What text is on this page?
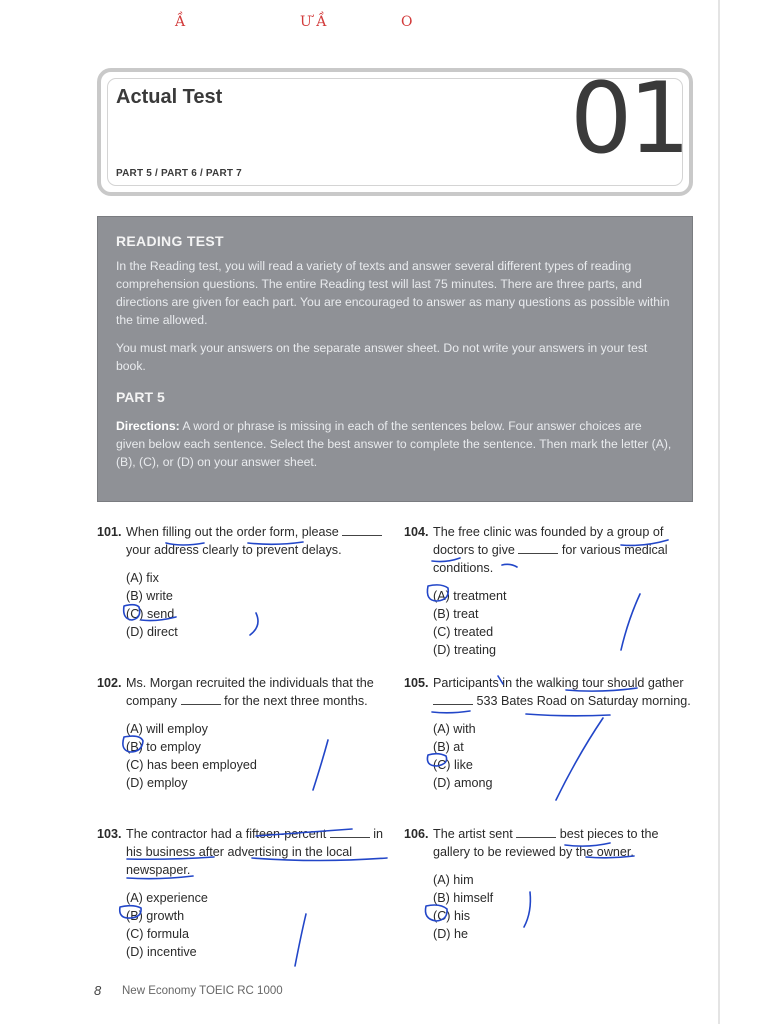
Ầ	Ư Ầ	O
Actual Test
PART 5 / PART 6 / PART 7	01
READING TEST

In the Reading test, you will read a variety of texts and answer several different types of reading comprehension questions. The entire Reading test will last 75 minutes. There are three parts, and directions are given for each part. You are encouraged to answer as many questions as possible within the time allowed.

You must mark your answers on the separate answer sheet. Do not write your answers in your test book.

PART 5

Directions: A word or phrase is missing in each of the sentences below. Four answer choices are given below each sentence. Select the best answer to complete the sentence. Then mark the letter (A), (B), (C), or (D) on your answer sheet.

101. When filling out the order form, please  your address clearly to prevent delays.
(A) fix
(B) write
(C) send
(D) direct
102. Ms. Morgan recruited the individuals that the company	for the next three months.
(A) will employ
(B) to employ
(C) has been employed
(D) employ
103. The contractor had a fifteen-percent	in his business after advertising in the local newspaper.
(A) experience
(B) growth
(C) formula
(D) incentive
104. The free clinic was founded by a group of doctors to give	for various medical conditions.
(A) treatment
(B) treat
(C) treated
(D) treating
105. Participants in the walking tour should gather  533 Bates Road on Saturday morning.
(A) with
(B) at
(C) like
(D) among
106. The artist sent	best pieces to the gallery to be reviewed by the owner.
(A) him
(B) himself
(C) his
(D) he
8 New Economy TOEIC RC 1000
